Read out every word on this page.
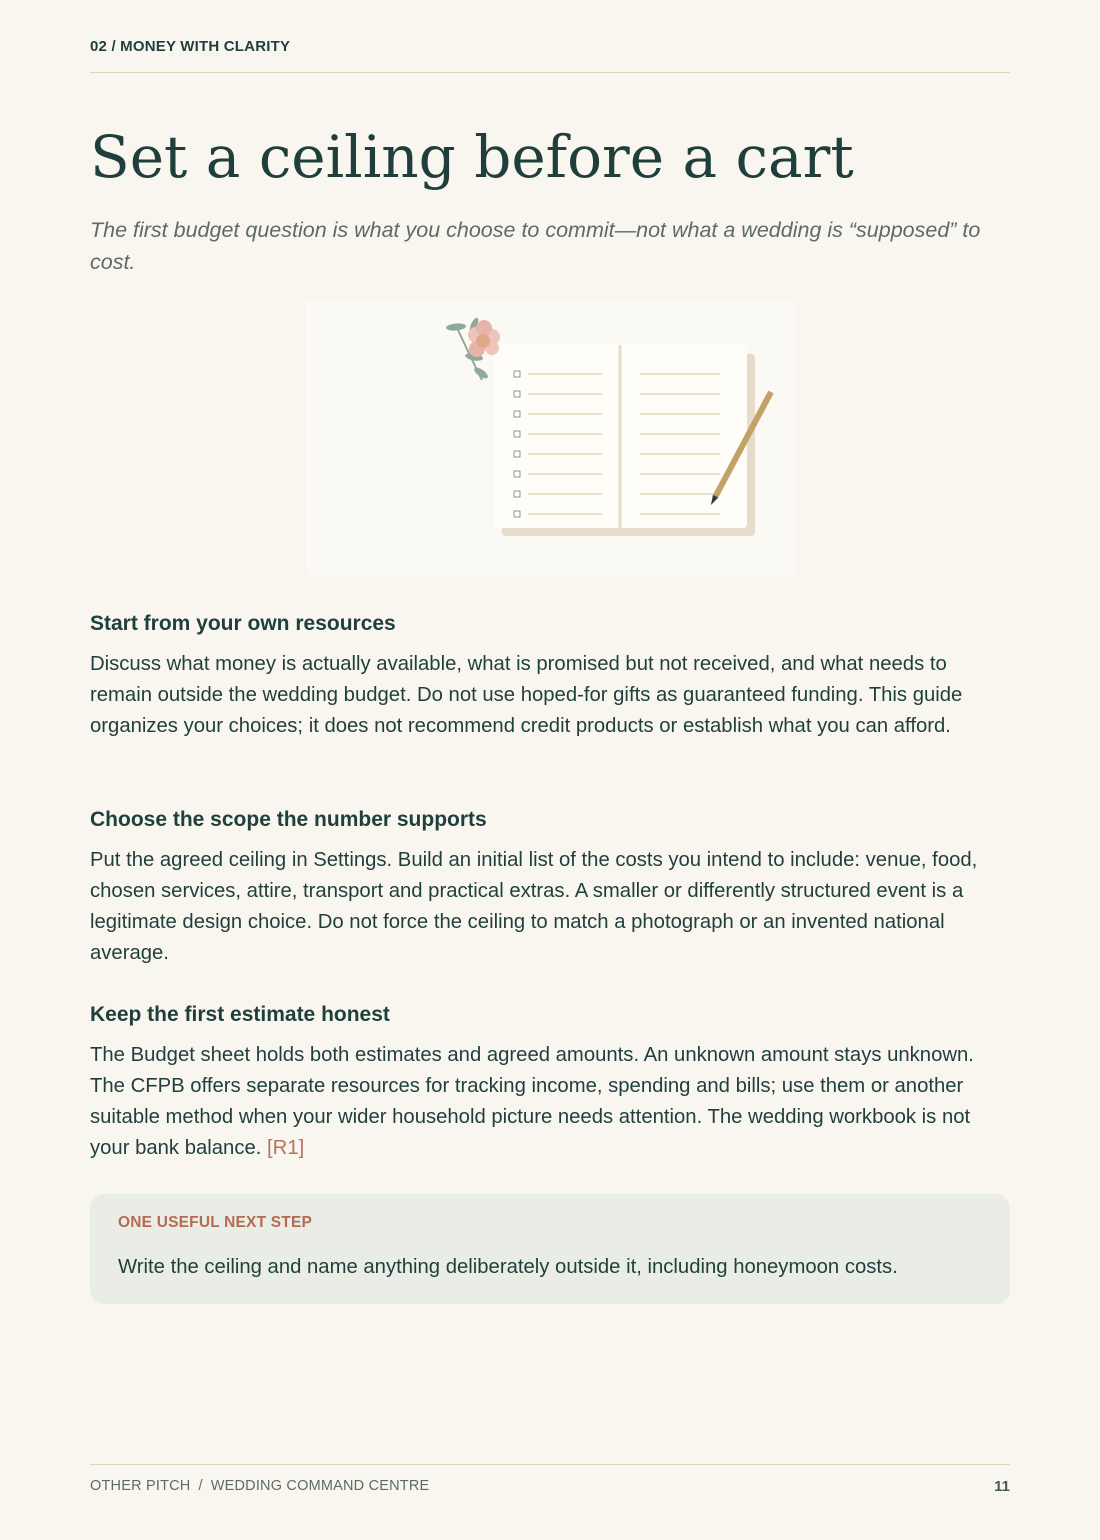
02 / MONEY WITH CLARITY
Set a ceiling before a cart

The first budget question is what you choose to commit—not what a wedding is “supposed” to cost.

Start from your own resources

Discuss what money is actually available, what is promised but not received, and what needs to remain outside the wedding budget. Do not use hoped-for gifts as guaranteed funding. This guide organizes your choices; it does not recommend credit products or establish what you can afford.

Choose the scope the number supports

Put the agreed ceiling in Settings. Build an initial list of the costs you intend to include: venue, food, chosen services, attire, transport and practical extras. A smaller or differently structured event is a legitimate design choice. Do not force the ceiling to match a photograph or an invented national average.

Keep the first estimate honest

The Budget sheet holds both estimates and agreed amounts. An unknown amount stays unknown. The CFPB offers separate resources for tracking income, spending and bills; use them or another suitable method when your wider household picture needs attention. The wedding workbook is not your bank balance. [R1]

ONE USEFUL NEXT STEP
Write the ceiling and name anything deliberately outside it, including honeymoon costs.
OTHER PITCH / WEDDING COMMAND CENTRE	11
